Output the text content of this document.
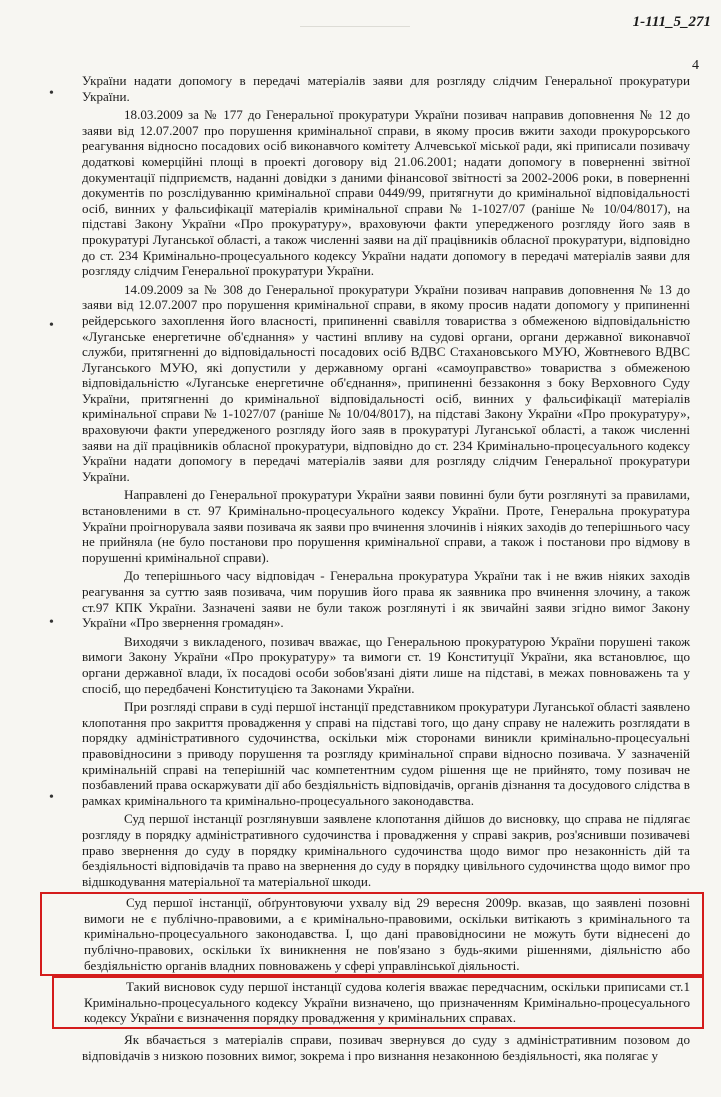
1-111_5_271
4
•
•
•
•

України надати допомогу в передачі матеріалів заяви для розгляду слідчим Генеральної прокуратури України.

18.03.2009 за № 177 до Генеральної прокуратури України позивач направив доповнення № 12 до заяви від 12.07.2007 про порушення кримінальної справи, в якому просив вжити заходи прокурорського реагування відносно посадових осіб виконавчого комітету Алчевської міської ради, які приписали позивачу додаткові комерційні площі в проекті договору від 21.06.2001; надати допомогу в поверненні звітної документації підприємств, наданні довідки з даними фінансової звітності за 2002-2006 роки, в поверненні документів по розслідуванню кримінальної справи 0449/99, притягнути до кримінальної відповідальності осіб, винних у фальсифікації матеріалів кримінальної справи № 1-1027/07 (раніше № 10/04/8017), на підставі Закону України «Про прокуратуру», враховуючи факти упередженого розгляду його заяв в прокуратурі Луганської області, а також численні заяви на дії працівників обласної прокуратури, відповідно до ст. 234 Кримінально-процесуального кодексу України надати допомогу в передачі матеріалів заяви для розгляду слідчим Генеральної прокуратури України.

14.09.2009 за № 308 до Генеральної прокуратури України позивач направив доповнення № 13 до заяви від 12.07.2007 про порушення кримінальної справи, в якому просив надати допомогу у припиненні рейдерського захоплення його власності, припиненні свавілля товариства з обмеженою відповідальністю «Луганське енергетичне об'єднання» у частині впливу на судові органи, органи державної виконавчої служби, притягненні до відповідальності посадових осіб ВДВС Стахановського МУЮ, Жовтневого ВДВС Луганського МУЮ, які допустили у державному органі «самоуправство» товариства з обмеженою відповідальністю «Луганське енергетичне об'єднання», припиненні беззаконня з боку Верховного Суду України, притягненні до кримінальної відповідальності осіб, винних у фальсифікації матеріалів кримінальної справи № 1-1027/07 (раніше № 10/04/8017), на підставі Закону України «Про прокуратуру», враховуючи факти упередженого розгляду його заяв в прокуратурі Луганської області, а також численні заяви на дії працівників обласної прокуратури, відповідно до ст. 234 Кримінально-процесуального кодексу України надати допомогу в передачі матеріалів заяви для розгляду слідчим Генеральної прокуратури України.

Направлені до Генеральної прокуратури України заяви повинні були бути розглянуті за правилами, встановленими в ст. 97 Кримінально-процесуального кодексу України. Проте, Генеральна прокуратура України проігнорувала заяви позивача як заяви про вчинення злочинів і ніяких заходів до теперішнього часу не прийняла (не було постанови про порушення кримінальної справи, а також і постанови про відмову в порушенні кримінальної справи).

До теперішнього часу відповідач - Генеральна прокуратура України так і не вжив ніяких заходів реагування за суттю заяв позивача, чим порушив його права як заявника про вчинення злочину, а також ст.97 КПК України. Зазначені заяви не були також розглянуті і як звичайні заяви згідно вимог Закону України «Про звернення громадян».

Виходячи з викладеного, позивач вважає, що Генеральною прокуратурою України порушені також вимоги Закону України «Про прокуратуру» та вимоги ст. 19 Конституції України, яка встановлює, що органи державної влади, їх посадові особи зобов'язані діяти лише на підставі, в межах повноважень та у спосіб, що передбачені Конституцією та Законами України.

При розгляді справи в суді першої інстанції представником прокуратури Луганської області заявлено клопотання про закриття провадження у справі на підставі того, що дану справу не належить розглядати в порядку адміністративного судочинства, оскільки між сторонами виникли кримінально-процесуальні правовідносини з приводу порушення та розгляду кримінальної справи відносно позивача. У зазначеній кримінальній справі на теперішній час компетентним судом рішення ще не прийнято, тому позивач не позбавлений права оскаржувати дії або бездіяльність відповідачів, органів дізнання та досудового слідства в рамках кримінального та кримінально-процесуального законодавства.

Суд першої інстанції розглянувши заявлене клопотання дійшов до висновку, що справа не підлягає розгляду в порядку адміністративного судочинства і провадження у справі закрив, роз'яснивши позивачеві право звернення до суду в порядку кримінального судочинства щодо вимог про незаконність дій та бездіяльності відповідачів та право на звернення до суду в порядку цивільного судочинства щодо вимог про відшкодування матеріальної та матеріальної шкоди.

Суд першої інстанції, обґрунтовуючи ухвалу від 29 вересня 2009р. вказав, що заявлені позовні вимоги не є публічно-правовими, а є кримінально-правовими, оскільки витікають з кримінального та кримінально-процесуального законодавства. І, що дані правовідносини не можуть бути віднесені до публічно-правових, оскільки їх виникнення не пов'язано з будь-якими рішеннями, діяльністю або бездіяльністю органів владних повноважень у сфері управлінської діяльності.

Такий висновок суду першої інстанції судова колегія вважає передчасним, оскільки приписами ст.1 Кримінально-процесуального кодексу України визначено, що призначенням Кримінально-процесуального кодексу України є визначення порядку провадження у кримінальних справах.

Як вбачається з матеріалів справи, позивач звернувся до суду з адміністративним позовом до відповідачів з низкою позовних вимог, зокрема і про визнання незаконною бездіяльності, яка полягає у
